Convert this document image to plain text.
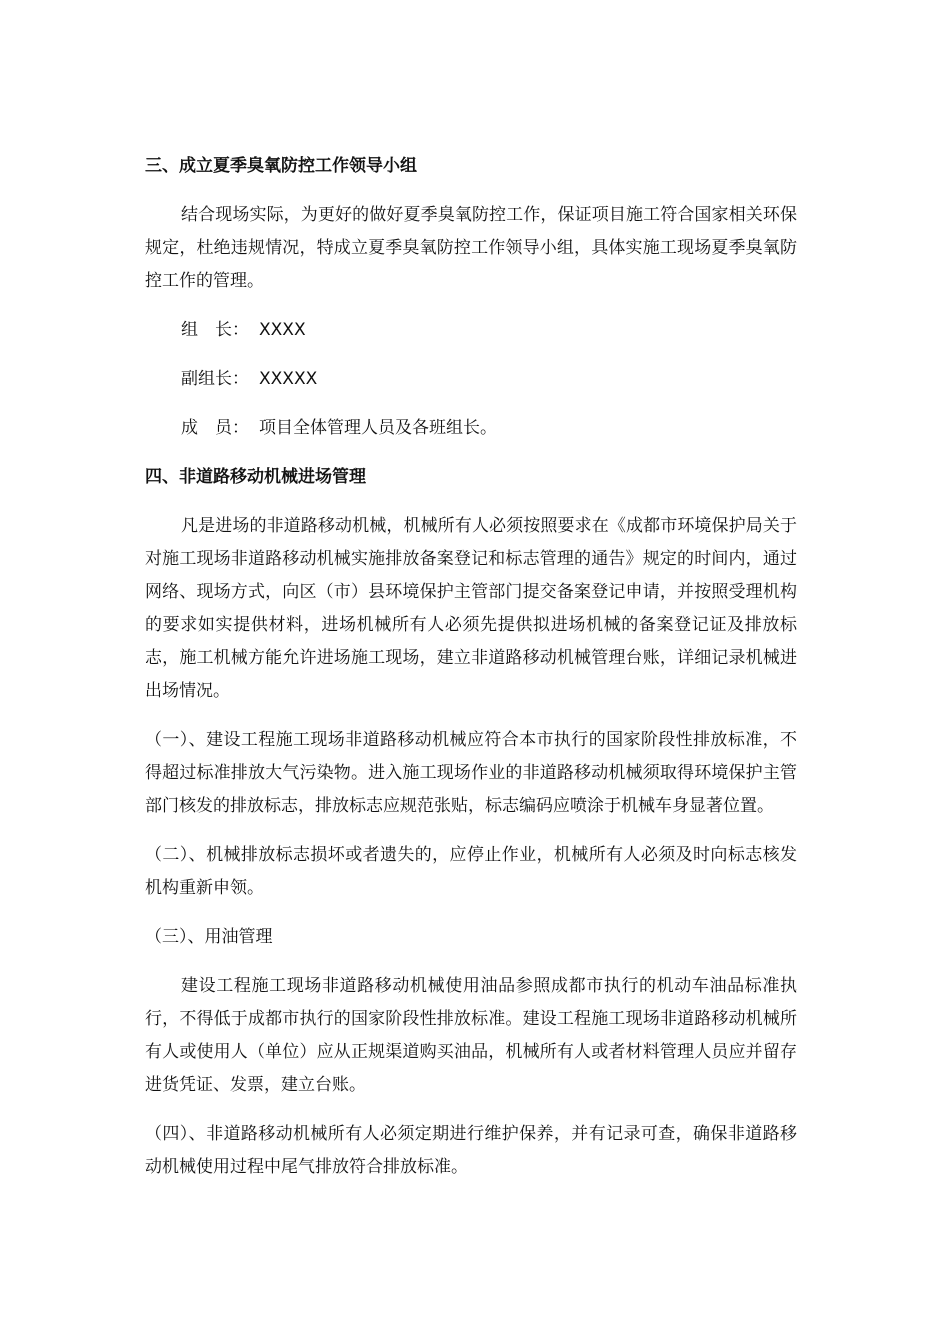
三、成立夏季臭氧防控工作领导小组

结合现场实际，为更好的做好夏季臭氧防控工作，保证项目施工符合国家相关环保规定，杜绝违规情况，特成立夏季臭氧防控工作领导小组，具体实施工现场夏季臭氧防控工作的管理。

组　长： XXXX
副组长： XXXXX
成　员： 项目全体管理人员及各班组长。
四、非道路移动机械进场管理

凡是进场的非道路移动机械，机械所有人必须按照要求在《成都市环境保护局关于对施工现场非道路移动机械实施排放备案登记和标志管理的通告》规定的时间内，通过网络、现场方式，向区（市）县环境保护主管部门提交备案登记申请，并按照受理机构的要求如实提供材料，进场机械所有人必须先提供拟进场机械的备案登记证及排放标志，施工机械方能允许进场施工现场，建立非道路移动机械管理台账，详细记录机械进出场情况。

（一）、建设工程施工现场非道路移动机械应符合本市执行的国家阶段性排放标准，不得超过标准排放大气污染物。进入施工现场作业的非道路移动机械须取得环境保护主管部门核发的排放标志，排放标志应规范张贴，标志编码应喷涂于机械车身显著位置。

（二）、机械排放标志损坏或者遗失的，应停止作业，机械所有人必须及时向标志核发机构重新申领。

（三）、用油管理

建设工程施工现场非道路移动机械使用油品参照成都市执行的机动车油品标准执行，不得低于成都市执行的国家阶段性排放标准。建设工程施工现场非道路移动机械所有人或使用人（单位）应从正规渠道购买油品，机械所有人或者材料管理人员应并留存进货凭证、发票，建立台账。

（四）、非道路移动机械所有人必须定期进行维护保养，并有记录可查，确保非道路移动机械使用过程中尾气排放符合排放标准。
